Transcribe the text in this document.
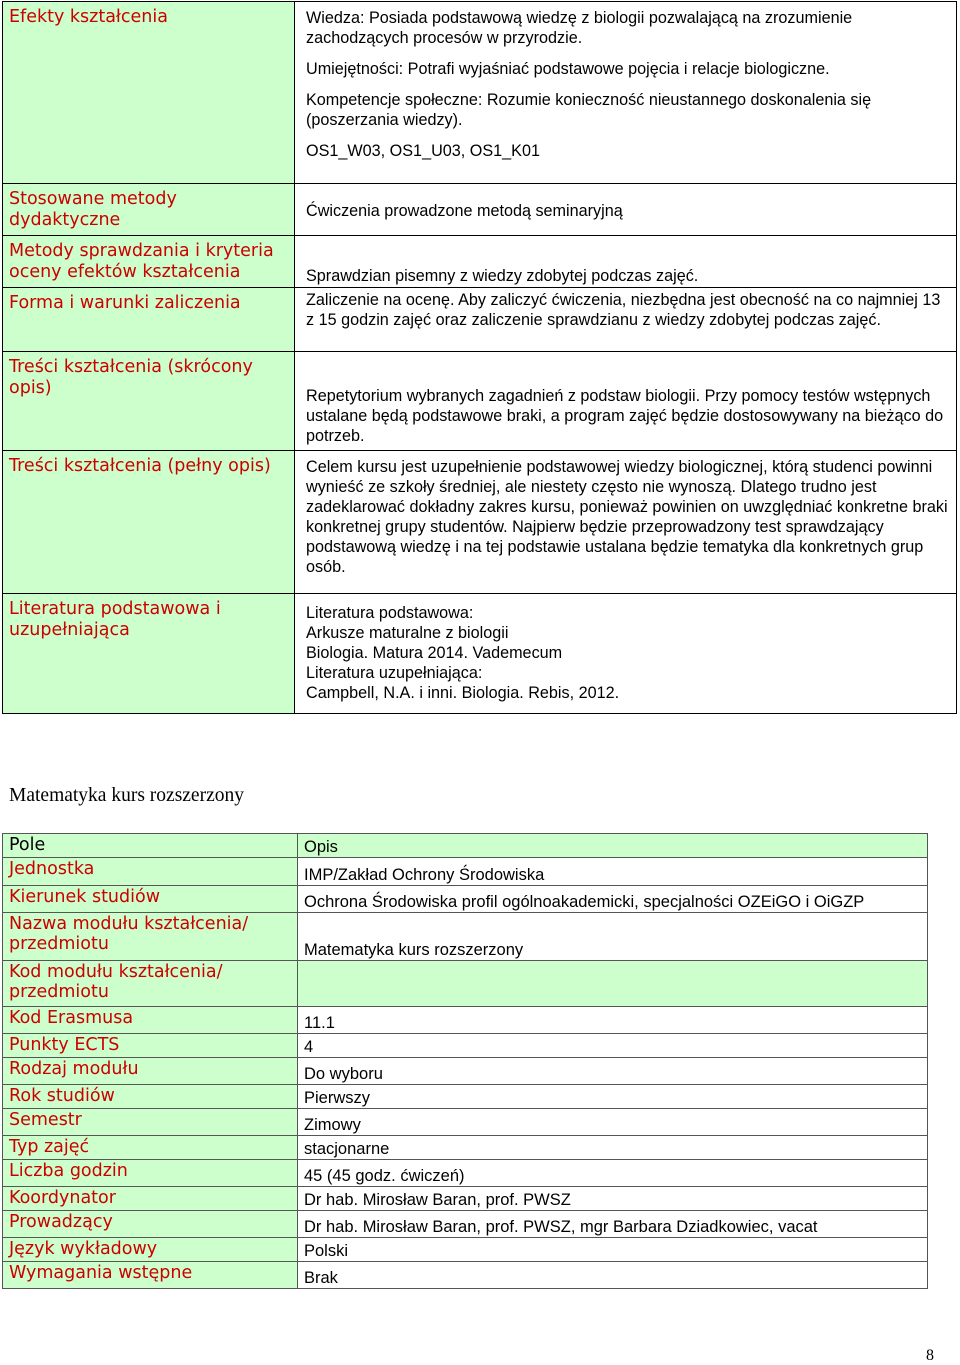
Efekty kształcenia	Wiedza: Posiada podstawową wiedzę z biologii pozwalającą na zrozumienie zachodzących procesów w przyrodzie.

Umiejętności: Potrafi wyjaśniać podstawowe pojęcia i relacje biologiczne.

Kompetencje społeczne: Rozumie konieczność nieustannego doskonalenia się (poszerzania wiedzy).

OS1_W03, OS1_U03, OS1_K01

Stosowane metody dydaktyczne	Ćwiczenia prowadzone metodą seminaryjną

Metody sprawdzania i kryteria oceny efektów kształcenia	Sprawdzian pisemny z wiedzy zdobytej podczas zajęć.

Forma i warunki zaliczenia	Zaliczenie na ocenę. Aby zaliczyć ćwiczenia, niezbędna jest obecność na co najmniej 13 z 15 godzin zajęć oraz zaliczenie sprawdzianu z wiedzy zdobytej podczas zajęć.

Treści kształcenia (skrócony opis)	Repetytorium wybranych zagadnień z podstaw biologii. Przy pomocy testów wstępnych ustalane będą podstawowe braki, a program zajęć będzie dostosowywany na bieżąco do potrzeb.

Treści kształcenia (pełny opis)	Celem kursu jest uzupełnienie podstawowej wiedzy biologicznej, którą studenci powinni wynieść ze szkoły średniej, ale niestety często nie wynoszą. Dlatego trudno jest zadeklarować dokładny zakres kursu, ponieważ powinien on uwzględniać konkretne braki konkretnej grupy studentów. Najpierw będzie przeprowadzony test sprawdzający podstawową wiedzę i na tej podstawie ustalana będzie tematyka dla konkretnych grup osób.

Literatura podstawowa i uzupełniająca	Literatura podstawowa:

Arkusze maturalne z biologii

Biologia. Matura 2014. Vademecum

Literatura uzupełniająca:

Campbell, N.A. i inni. Biologia. Rebis, 2012.

Matematyka kurs rozszerzony
Pole	Opis
Jednostka	IMP/Zakład Ochrony Środowiska
Kierunek studiów	Ochrona Środowiska profil ogólnoakademicki, specjalności OZEiGO i OiGZP
Nazwa modułu kształcenia/ przedmiotu	Matematyka kurs rozszerzony
Kod modułu kształcenia/ przedmiotu	
Kod Erasmusa	11.1
Punkty ECTS	4
Rodzaj modułu	Do wyboru
Rok studiów	Pierwszy
Semestr	Zimowy
Typ zajęć	stacjonarne
Liczba godzin	45 (45 godz. ćwiczeń)
Koordynator	Dr hab. Mirosław Baran, prof. PWSZ
Prowadzący	Dr hab. Mirosław Baran, prof. PWSZ, mgr Barbara Dziadkowiec, vacat
Język wykładowy	Polski
Wymagania wstępne	Brak
8
